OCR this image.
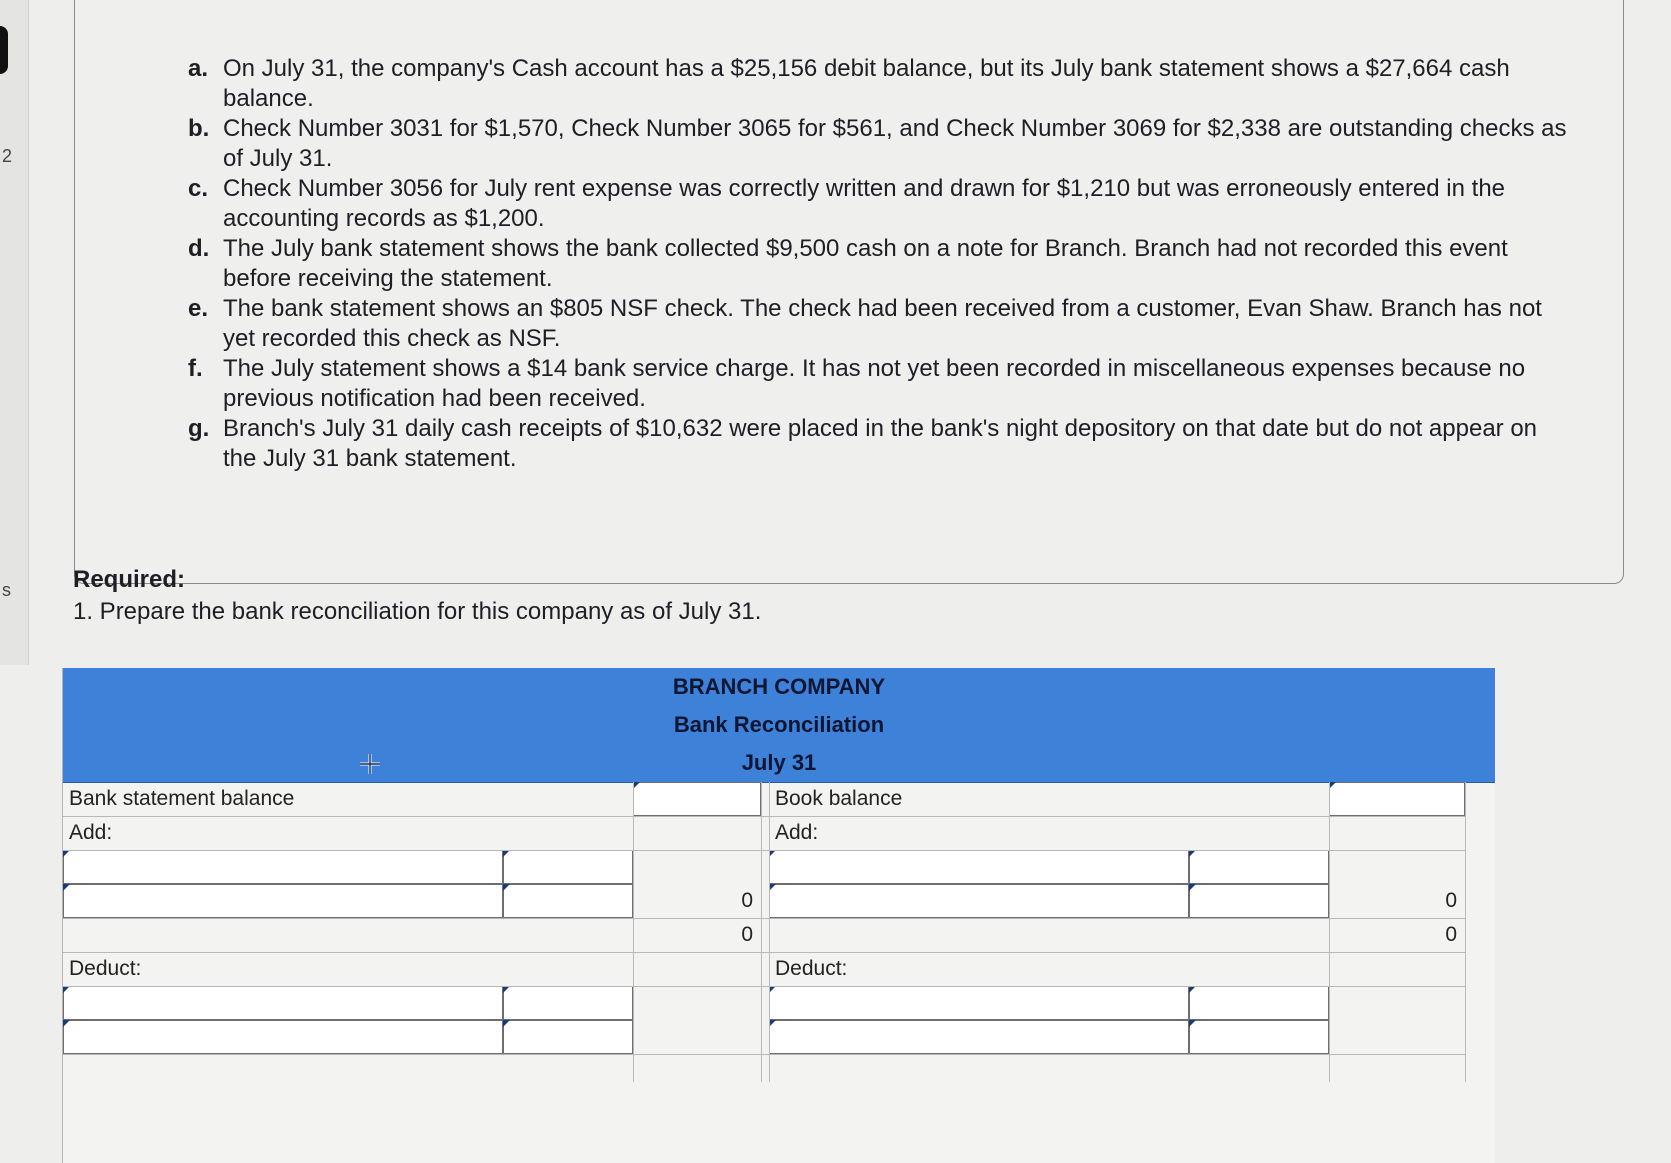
2
s
a. On July 31, the company's Cash account has a $25,156 debit balance, but its July bank statement shows a $27,664 cash balance.
b. Check Number 3031 for $1,570, Check Number 3065 for $561, and Check Number 3069 for $2,338 are outstanding checks as of July 31.
c. Check Number 3056 for July rent expense was correctly written and drawn for $1,210 but was erroneously entered in the accounting records as $1,200.
d. The July bank statement shows the bank collected $9,500 cash on a note for Branch. Branch had not recorded this event before receiving the statement.
e. The bank statement shows an $805 NSF check. The check had been received from a customer, Evan Shaw. Branch has not yet recorded this check as NSF.
f. The July statement shows a $14 bank service charge. It has not yet been recorded in miscellaneous expenses because no previous notification had been received.
g. Branch's July 31 daily cash receipts of $10,632 were placed in the bank's night depository on that date but do not appear on the July 31 bank statement.
Required:
1. Prepare the bank reconciliation for this company as of July 31.
BRANCH COMPANY
Bank Reconciliation
July 31
Bank statement balance
Add:
0
0
Deduct:
Book balance
Add:
0
0
Deduct:
